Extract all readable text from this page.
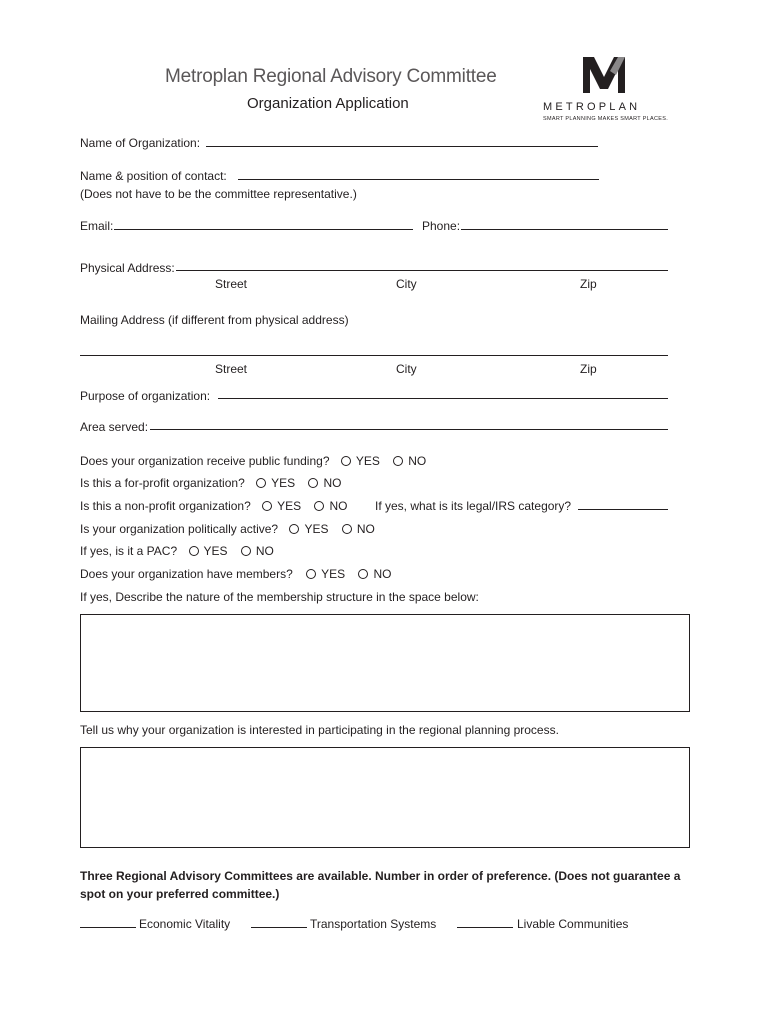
Metroplan Regional Advisory Committee
Organization Application	METROPLAN
SMART PLANNING MAKES SMART PLACES.
Name of Organization:
Name & position of contact:
(Does not have to be the committee representative.)
Email:	Phone:
Physical Address:
Street	City	Zip
Mailing Address (if different from physical address)
Street	City	Zip
Purpose of organization:
Area served:
Does your organization receive public funding? YES NO
Is this a for-profit organization? YES NO
Is this a non-profit organization? YES NO If yes, what is its legal/IRS category?
Is your organization politically active? YES NO
If yes, is it a PAC? YES NO
Does your organization have members? YES NO
If yes, Describe the nature of the membership structure in the space below:
Tell us why your organization is interested in participating in the regional planning process.
Three Regional Advisory Committees are available. Number in order of preference. (Does not guarantee a spot on your preferred committee.)
Economic Vitality	Transportation Systems	Livable Communities
